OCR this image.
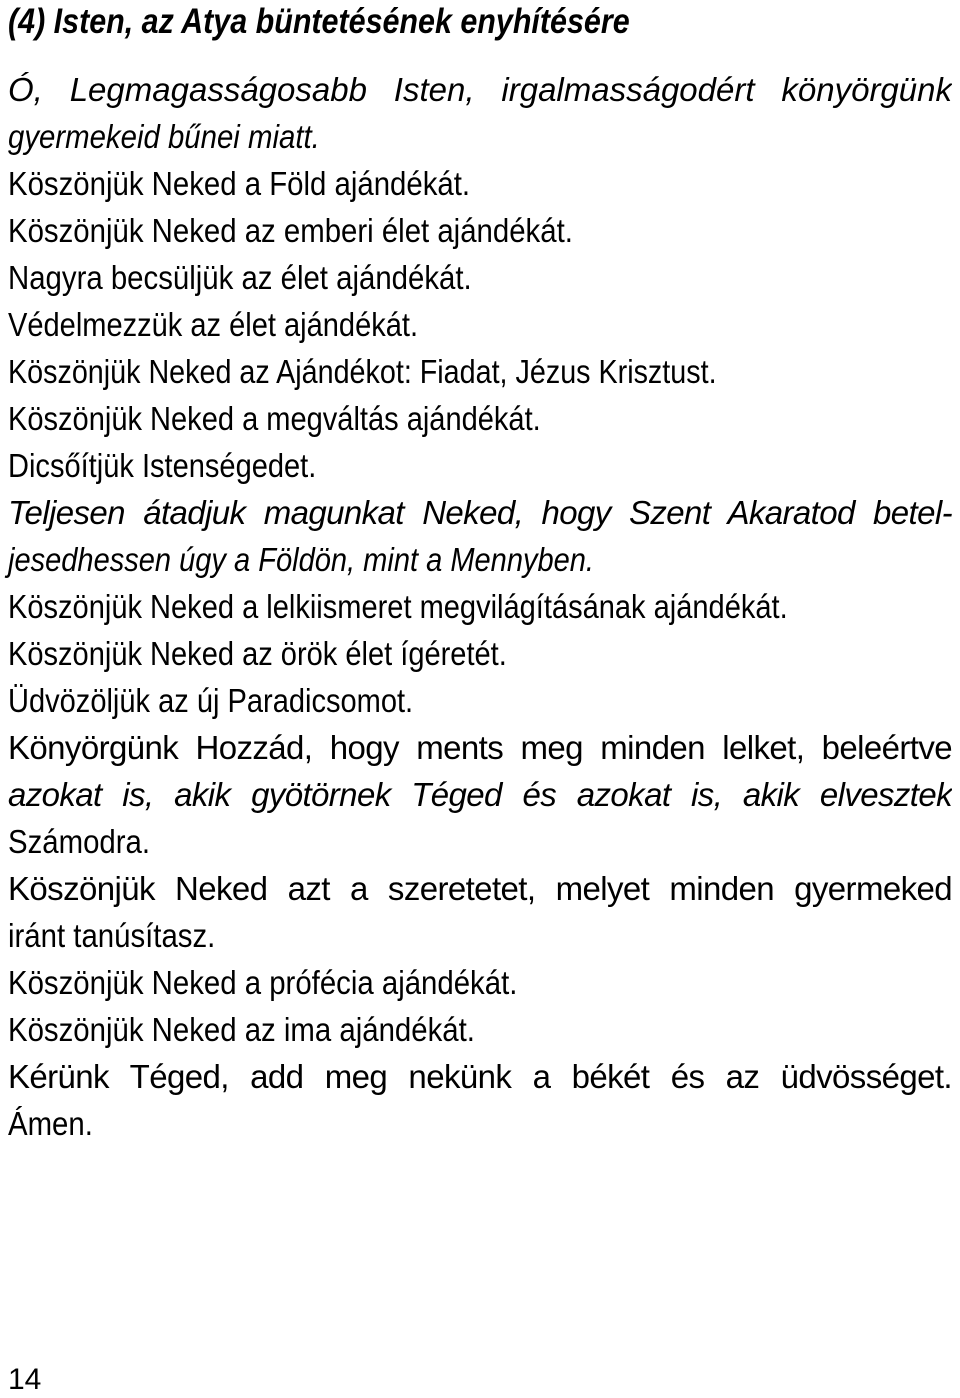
(4) Isten, az Atya büntetésének enyhítésére
Ó, Legmagasságosabb Isten, irgalmasságodért könyörgünk
gyermekeid bűnei miatt.
Köszönjük Neked a Föld ajándékát.
Köszönjük Neked az emberi élet ajándékát.
Nagyra becsüljük az élet ajándékát.
Védelmezzük az élet ajándékát.
Köszönjük Neked az Ajándékot: Fiadat, Jézus Krisztust.
Köszönjük Neked a megváltás ajándékát.
Dicsőítjük Istenségedet.
Teljesen átadjuk magunkat Neked, hogy Szent Akaratod betel-
jesedhessen úgy a Földön, mint a Mennyben.
Köszönjük Neked a lelkiismeret megvilágításának ajándékát.
Köszönjük Neked az örök élet ígéretét.
Üdvözöljük az új Paradicsomot.
Könyörgünk Hozzád, hogy ments meg minden lelket, beleértve
azokat is, akik gyötörnek Téged és azokat is, akik elvesztek
Számodra.
Köszönjük Neked azt a szeretetet, melyet minden gyermeked
iránt tanúsítasz.
Köszönjük Neked a prófécia ajándékát.
Köszönjük Neked az ima ajándékát.
Kérünk Téged, add meg nekünk a békét és az üdvösséget.
Ámen.
14
